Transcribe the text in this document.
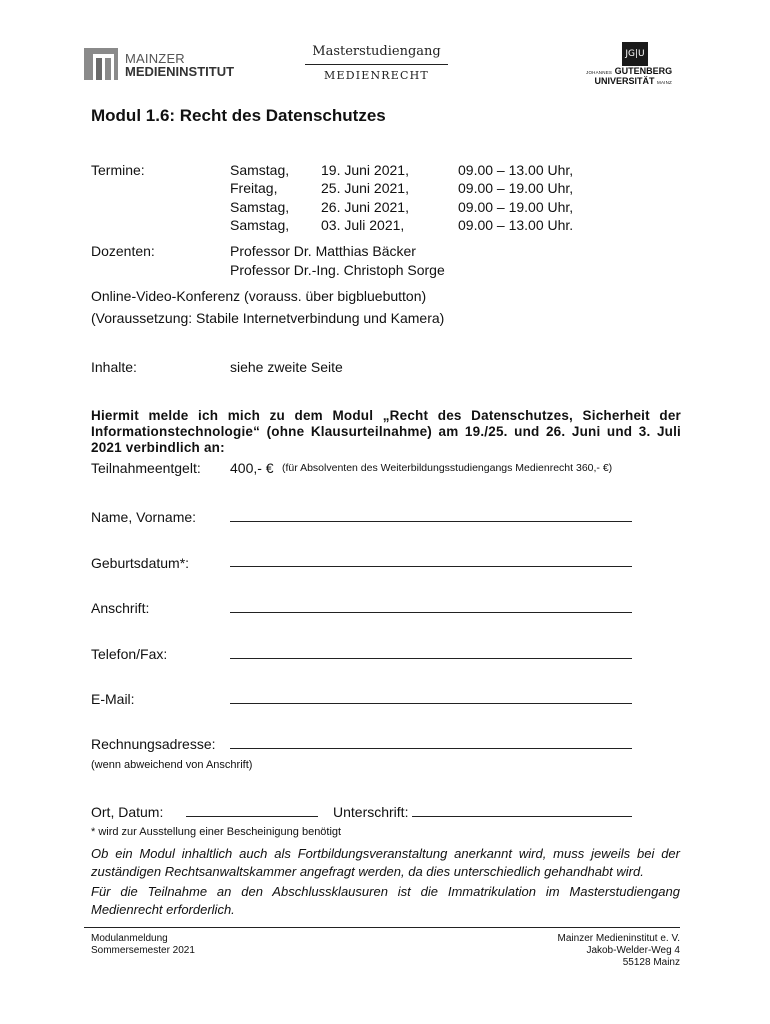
MAINZER
MEDIENINSTITUT
Masterstudiengang
MEDIENRECHT
JG|U
JOHANNES GUTENBERG
UNIVERSITÄT MAINZ
Modul 1.6: Recht des Datenschutzes
Termine:	Samstag, 19. Juni 2021,	09.00 – 13.00 Uhr,
Freitag,	25. Juni 2021,	09.00 – 19.00 Uhr,
Samstag, 26. Juni 2021,	09.00 – 19.00 Uhr,
Samstag, 03. Juli 2021,	09.00 – 13.00 Uhr.
Dozenten:	Professor Dr. Matthias Bäcker
Professor Dr.-Ing. Christoph Sorge
Online-Video-Konferenz (vorauss. über bigbluebutton)
(Voraussetzung: Stabile Internetverbindung und Kamera)
Inhalte:	siehe zweite Seite
Hiermit melde ich mich zu dem Modul „Recht des Datenschutzes, Sicherheit der Informationstechnologie“ (ohne Klausurteilnahme) am 19./25. und 26. Juni und 3. Juli 2021 verbindlich an:
Teilnahmeentgelt: 400,- € (für Absolventen des Weiterbildungsstudiengangs Medienrecht 360,- €)
Name, Vorname:
Geburtsdatum*:
Anschrift:
Telefon/Fax:
E-Mail:
Rechnungsadresse:
(wenn abweichend von Anschrift)
Ort, Datum:	Unterschrift:
* wird zur Ausstellung einer Bescheinigung benötigt
Ob ein Modul inhaltlich auch als Fortbildungsveranstaltung anerkannt wird, muss jeweils bei der zuständigen Rechtsanwaltskammer angefragt werden, da dies unterschiedlich gehandhabt wird.
Für die Teilnahme an den Abschlussklausuren ist die Immatrikulation im Masterstudiengang Medienrecht erforderlich.
Modulanmeldung
Sommersemester 2021
Mainzer Medieninstitut e. V.
Jakob-Welder-Weg 4
55128 Mainz
